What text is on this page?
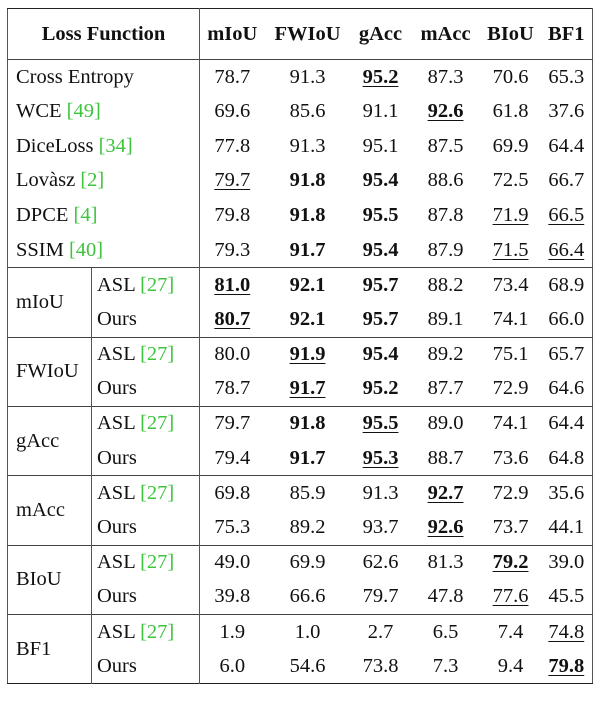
Loss Function		mIoU	FWIoU	gAcc	mAcc	BIoU	BF1
Cross Entropy		78.7	91.3	95.2	87.3	70.6	65.3
WCE [49]		69.6	85.6	91.1	92.6	61.8	37.6
DiceLoss [34]		77.8	91.3	95.1	87.5	69.9	64.4
Lovàsz [2]		79.7	91.8	95.4	88.6	72.5	66.7
DPCE [4]		79.8	91.8	95.5	87.8	71.9	66.5
SSIM [40]		79.3	91.7	95.4	87.9	71.5	66.4
mIoU	ASL [27]	81.0	92.1	95.7	88.2	73.4	68.9
	Ours	80.7	92.1	95.7	89.1	74.1	66.0
FWIoU	ASL [27]	80.0	91.9	95.4	89.2	75.1	65.7
	Ours	78.7	91.7	95.2	87.7	72.9	64.6
gAcc	ASL [27]	79.7	91.8	95.5	89.0	74.1	64.4
	Ours	79.4	91.7	95.3	88.7	73.6	64.8
mAcc	ASL [27]	69.8	85.9	91.3	92.7	72.9	35.6
	Ours	75.3	89.2	93.7	92.6	73.7	44.1
BIoU	ASL [27]	49.0	69.9	62.6	81.3	79.2	39.0
	Ours	39.8	66.6	79.7	47.8	77.6	45.5
BF1	ASL [27]	1.9	1.0	2.7	6.5	7.4	74.8
	Ours	6.0	54.6	73.8	7.3	9.4	79.8
